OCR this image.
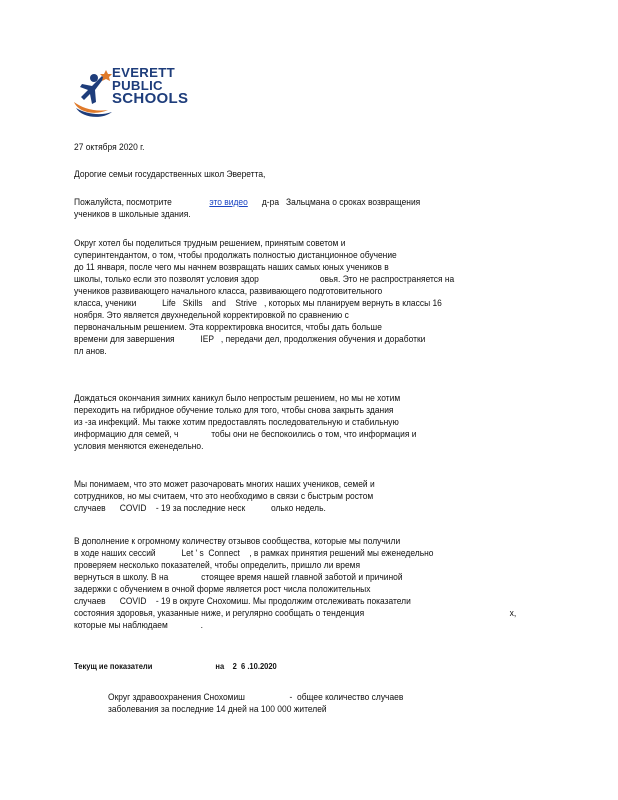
EVERETT
PUBLIC
SCHOOLS
27 октября 2020 г.
Дорогие семьи государственных школ Эверетта,
Пожалуйста, посмотрите	это видео д-ра   Зальцмана о сроках возвращения
учеников в школьные здания.
Округ хотел бы поделиться трудным решением, принятым советом и
суперинтендантом, о том, чтобы продолжать полностью дистанционное обучение
до 11 января, после чего мы начнем возвращать наших самых юных учеников в
школы, только если это позволят условия здор                          овья. Это не распространяется на
учеников развивающего начального класса, развивающего подготовительного
класса, ученики           Life   Skills    and    Strive   , которых мы планируем вернуть в классы 16
ноября. Это является двухнедельной корректировкой по сравнению с
первоначальным решением. Эта корректировка вносится, чтобы дать больше
времени для завершения           IEP   , передачи дел, продолжения обучения и доработки
пл анов.
Дождаться окончания зимних каникул было непростым решением, но мы не хотим
переходить на гибридное обучение только для того, чтобы снова закрыть здания
из -за инфекций. Мы также хотим предоставлять последовательную и стабильную
информацию для семей, ч              тобы они не беспокоились о том, что информация и
условия меняются еженедельно.
Мы понимаем, что это может разочаровать многих наших учеников, семей и
сотрудников, но мы считаем, что это необходимо в связи с быстрым ростом
случаев      COVID    - 19 за последние неск           олько недель.
В дополнение к огромному количеству отзывов сообщества, которые мы получили
в ходе наших сессий           Let ' s  Connect    , в рамках принятия решений мы еженедельно
проверяем несколько показателей, чтобы определить, пришло ли время
вернуться в школу. В на              стоящее время нашей главной заботой и причиной
задержки с обучением в очной форме является рост числа положительных
случаев      COVID    - 19 в округе Снохомиш. Мы продолжим отслеживать показатели
состояния здоровья, указанные ниже, и регулярно сообщать о тенденция                                                              х,
которые мы наблюдаем              .
Текущ ие показатели	на    2  6 .10.2020
Округ здравоохранения Снохомиш                   -  общее количество случаев
заболевания за последние 14 дней на 100 000 жителей
